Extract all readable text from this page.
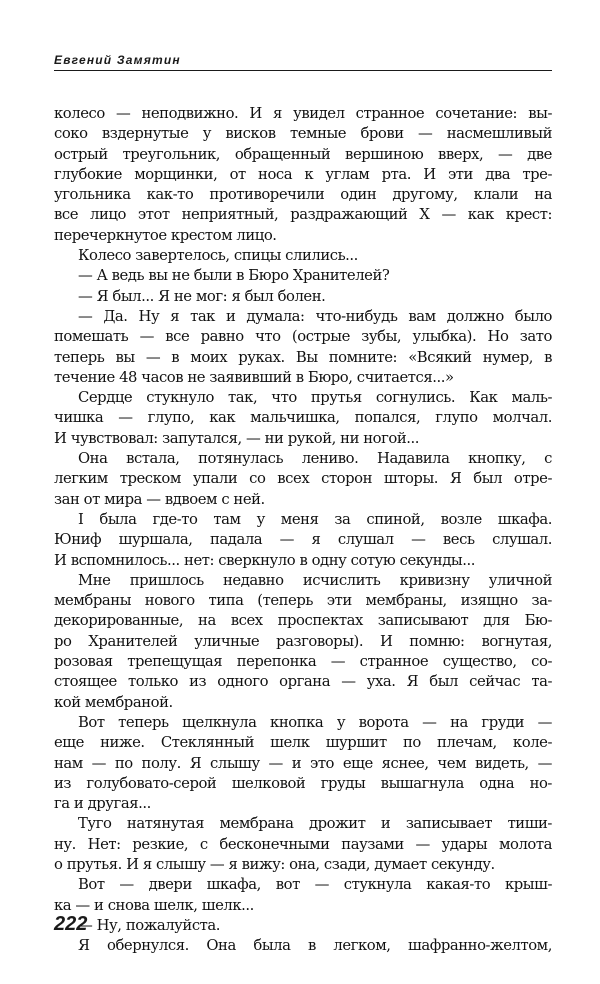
Евгений Замятин
колесо — неподвижно. И я увидел странное сочетание: вы-
соко вздернутые у висков темные брови — насмешливый
острый треугольник, обращенный вершиною вверх, — две
глубокие морщинки, от носа к углам рта. И эти два тре-
угольника как-то противоречили один другому, клали на
все лицо этот неприятный, раздражающий X — как крест:
перечеркнутое крестом лицо.
Колесо завертелось, спицы слились...
— А ведь вы не были в Бюро Хранителей?
— Я был... Я не мог: я был болен.
— Да. Ну я так и думала: что-нибудь вам должно было
помешать — все равно что (острые зубы, улыбка). Но зато
теперь вы — в моих руках. Вы помните: «Всякий нумер, в
течение 48 часов не заявивший в Бюро, считается...»
Сердце стукнуло так, что прутья согнулись. Как маль-
чишка — глупо, как мальчишка, попался, глупо молчал.
И чувствовал: запутался, — ни рукой, ни ногой...
Она встала, потянулась лениво. Надавила кнопку, с
легким треском упали со всех сторон шторы. Я был отре-
зан от мира — вдвоем с ней.
I была где-то там у меня за спиной, возле шкафа.
Юниф шуршала, падала — я слушал — весь слушал.
И вспомнилось... нет: сверкнуло в одну сотую секунды...
Мне пришлось недавно исчислить кривизну уличной
мембраны нового типа (теперь эти мембраны, изящно за-
декорированные, на всех проспектах записывают для Бю-
ро Хранителей уличные разговоры). И помню: вогнутая,
розовая трепещущая перепонка — странное существо, со-
стоящее только из одного органа — уха. Я был сейчас та-
кой мембраной.
Вот теперь щелкнула кнопка у ворота — на груди —
еще ниже. Стеклянный шелк шуршит по плечам, коле-
нам — по полу. Я слышу — и это еще яснее, чем видеть, —
из голубовато-серой шелковой груды вышагнула одна но-
га и другая...
Туго натянутая мембрана дрожит и записывает тиши-
ну. Нет: резкие, с бесконечными паузами — удары молота
о прутья. И я слышу — я вижу: она, сзади, думает секунду.
Вот — двери шкафа, вот — стукнула какая-то крыш-
ка — и снова шелк, шелк...
— Ну, пожалуйста.
Я обернулся. Она была в легком, шафранно-желтом,
222
